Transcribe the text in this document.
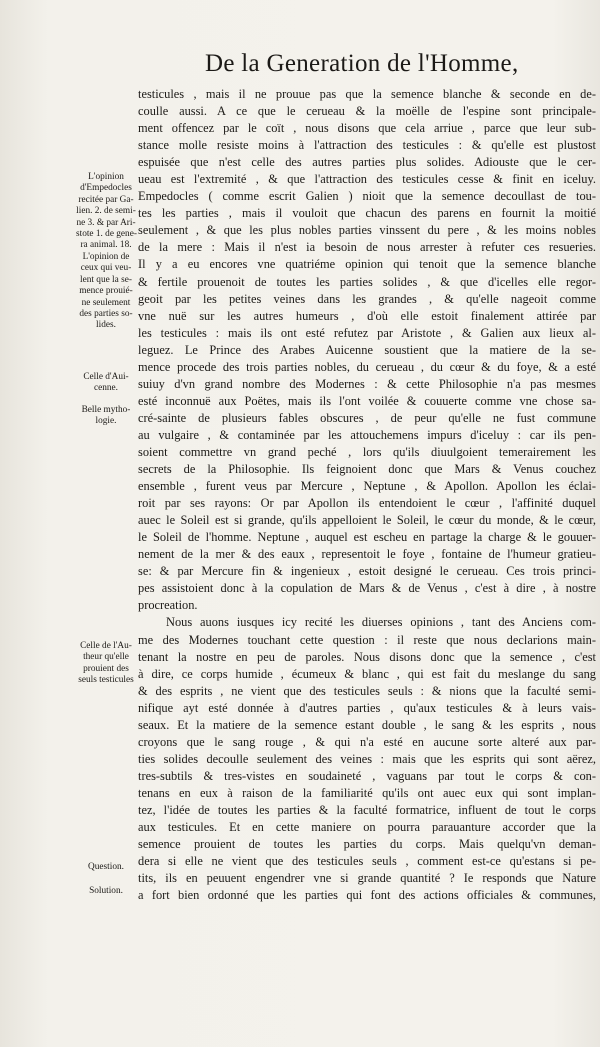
De la Generation de l'Homme,
testicules , mais il ne prouue pas que la semence blanche & seconde en de-
coulle aussi. A ce que le cerueau & la moëlle de l'espine sont principale-
ment offencez par le coït , nous disons que cela arriue , parce que leur sub-
stance molle resiste moins à l'attraction des testicules : & qu'elle est plustost
espuisée que n'est celle des autres parties plus solides. Adiouste que le cer-
ueau est l'extremité , & que l'attraction des testicules cesse & finit en iceluy.
Empedocles ( comme escrit Galien ) nioit que la semence decoullast de tou-
tes les parties , mais il vouloit que chacun des parens en fournit la moitié
seulement , & que les plus nobles parties vinssent du pere , & les moins nobles
de la mere : Mais il n'est ia besoin de nous arrester à refuter ces resueries.
Il y a eu encores vne quatriéme opinion qui tenoit que la semence blanche
& fertile prouenoit de toutes les parties solides , & que d'icelles elle regor-
geoit par les petites veines dans les grandes , & qu'elle nageoit comme
vne nuë sur les autres humeurs , d'où elle estoit finalement attirée par
les testicules : mais ils ont esté refutez par Aristote , & Galien aux lieux al-
leguez. Le Prince des Arabes Auicenne soustient que la matiere de la se-
mence procede des trois parties nobles, du cerueau , du cœur & du foye, & a esté
suiuy d'vn grand nombre des Modernes : & cette Philosophie n'a pas mesmes
esté inconnuë aux Poëtes, mais ils l'ont voilée & couuerte comme vne chose sa-
cré-sainte de plusieurs fables obscures , de peur qu'elle ne fust commune
au vulgaire , & contaminée par les attouchemens impurs d'iceluy : car ils pen-
soient commettre vn grand peché , lors qu'ils diuulgoient temerairement les
secrets de la Philosophie. Ils feignoient donc que Mars & Venus couchez
ensemble , furent veus par Mercure , Neptune , & Apollon. Apollon les éclai-
roit par ses rayons: Or par Apollon ils entendoient le cœur , l'affinité duquel
auec le Soleil est si grande, qu'ils appelloient le Soleil, le cœur du monde, & le cœur,
le Soleil de l'homme. Neptune , auquel est escheu en partage la charge & le gouuer-
nement de la mer & des eaux , representoit le foye , fontaine de l'humeur gratieu-
se: & par Mercure fin & ingenieux , estoit designé le cerueau. Ces trois princi-
pes assistoient donc à la copulation de Mars & de Venus , c'est à dire , à nostre
procreation.
Nous auons iusques icy recité les diuerses opinions , tant des Anciens com-
me des Modernes touchant cette question : il reste que nous declarions main-
tenant la nostre en peu de paroles. Nous disons donc que la semence , c'est
à dire, ce corps humide , écumeux & blanc , qui est fait du meslange du sang
& des esprits , ne vient que des testicules seuls : & nions que la faculté semi-
nifique ayt esté donnée à d'autres parties , qu'aux testicules & à leurs vais-
seaux. Et la matiere de la semence estant double , le sang & les esprits , nous
croyons que le sang rouge , & qui n'a esté en aucune sorte alteré aux par-
ties solides decoulle seulement des veines : mais que les esprits qui sont aërez,
tres-subtils & tres-vistes en soudaineté , vaguans par tout le corps & con-
tenans en eux à raison de la familiarité qu'ils ont auec eux qui sont implan-
tez, l'idée de toutes les parties & la faculté formatrice, influent de tout le corps
aux testicules. Et en cette maniere on pourra parauanture accorder que la
semence prouient de toutes les parties du corps. Mais quelqu'vn deman-
dera si elle ne vient que des testicules seuls , comment est-ce qu'estans si pe-
tits, ils en peuuent engendrer vne si grande quantité ? Ie responds que Nature
a fort bien ordonné que les parties qui font des actions officiales & communes,
L'opinion
d'Empedocles
recitée par Ga-
lien. 2. de semi-
ne 3. & par Ari-
stote 1. de gene-
ra animal. 18.
L'opinion de
ceux qui veu-
lent que la se-
mence prouié-
ne seulement
des parties so-
lides.
Celle d'Aui-
cenne.
Belle mytho-
logie.
Celle de l'Au-
theur qu'elle
prouient des
seuls testicules
Question.
Solution.
